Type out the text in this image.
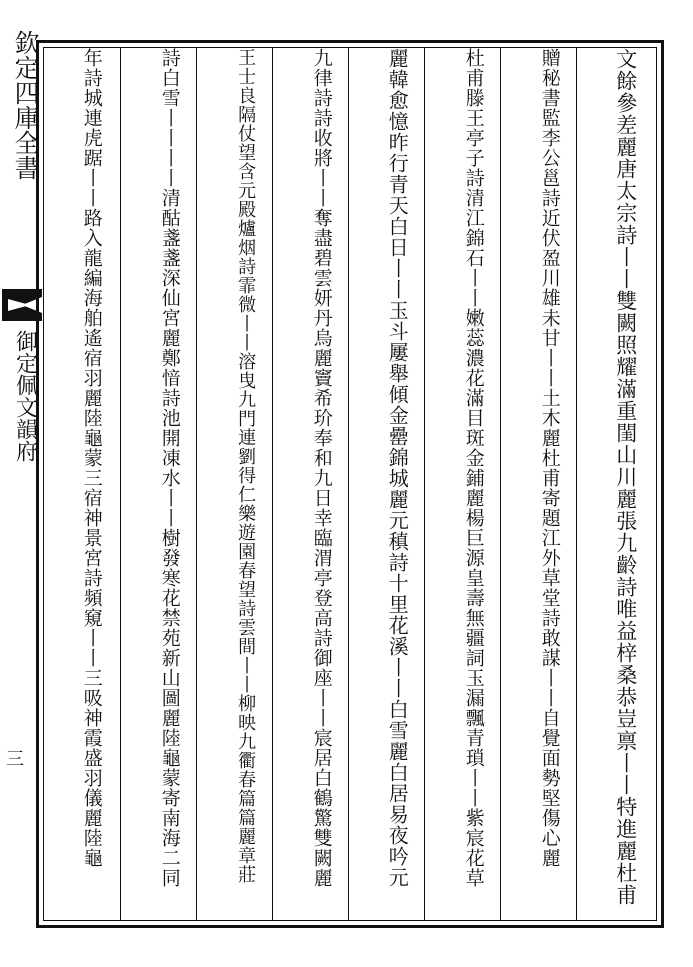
欽定四庫全書
御定佩文韻府
三	文餘參差麗唐太宗詩丨丨雙闕照耀滿重閨山川麗張九齡詩唯益梓桑恭豈禀丨丨特進麗杜甫
贈秘書監李公邕詩近伏盈川雄未甘丨丨土木麗杜甫寄題江外草堂詩敢謀丨丨自覺面勢堅傷心麗
杜甫滕王亭子詩清江錦石丨丨嫩蕊濃花滿目斑金鋪麗楊巨源皇壽無疆詞玉漏飄青瑣丨丨紫宸花草
麗韓愈憶昨行青天白日丨丨玉斗屢舉傾金罍錦城麗元稹詩十里花溪丨丨白雪麗白居易夜吟元
九律詩詩收將丨丨奪盡碧雲妍丹烏麗竇希玠奉和九日幸臨渭亭登高詩御座丨丨宸居白鶴驚雙闕麗
王士良隔仗望含元殿爐烟詩霏微丨丨溶曳九門連劉得仁樂遊園春望詩雲間丨丨柳映九衢春篇篇麗章莊
詩白雪丨丨丨丨清酤盞盞深仙宮麗鄭愔詩池開凍水丨丨樹發寒花禁苑新山圖麗陸龜蒙寄南海二同
年詩城連虎踞丨丨路入龍編海舶遙宿羽麗陸龜蒙三宿神景宮詩頻窺丨丨三吸神霞盛羽儀麗陸龜
